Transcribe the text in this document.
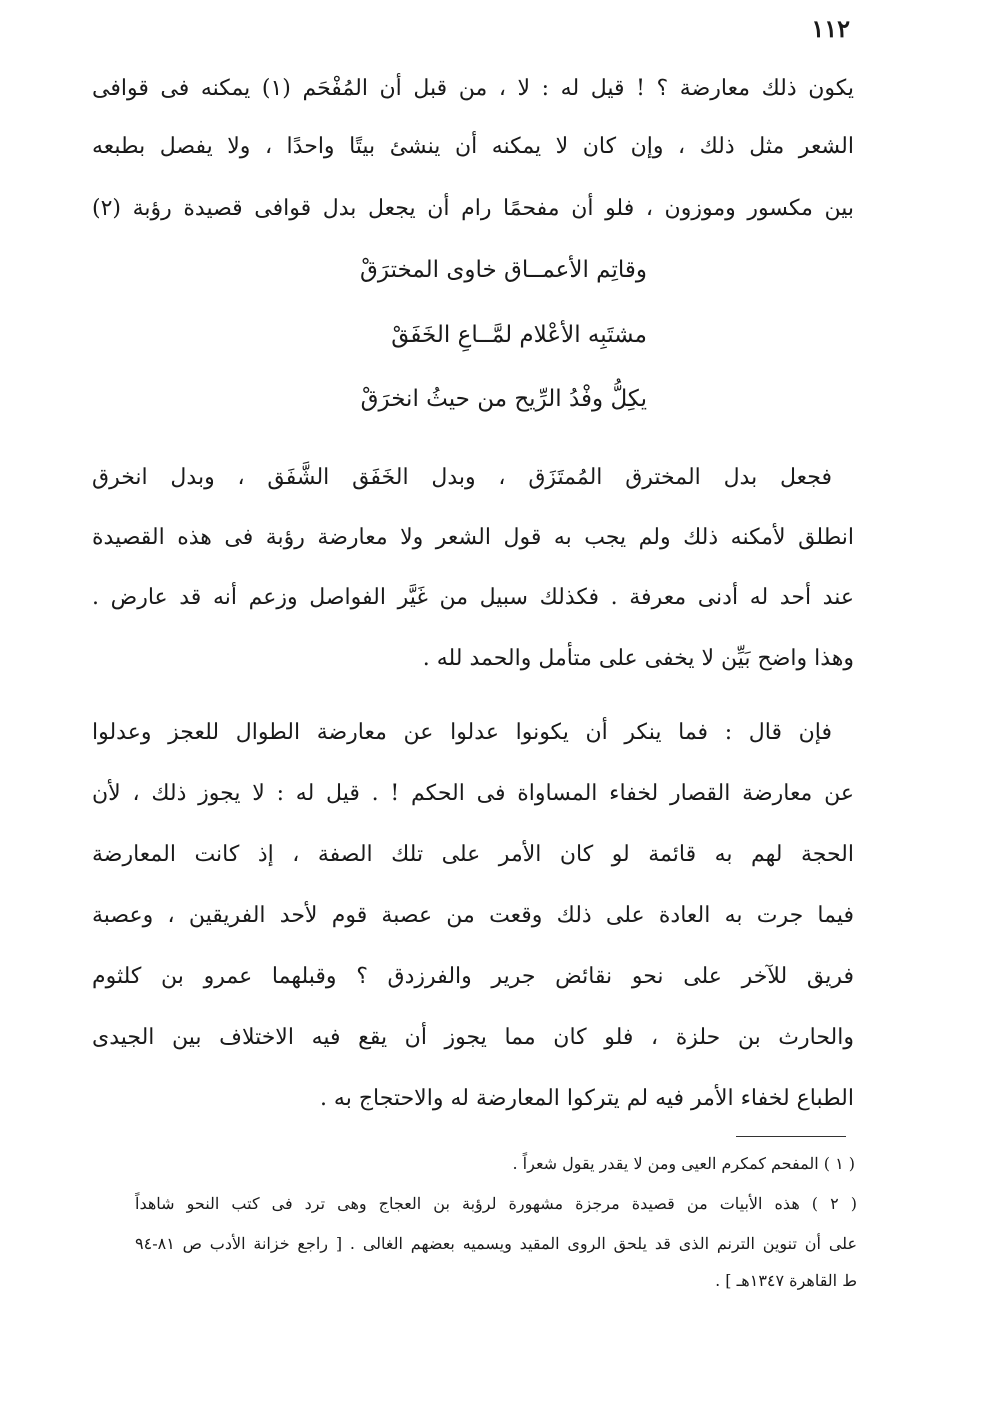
١١٢
يكون ذلك معارضة ؟ ! قيل له : لا ، من قبل أن المُفْحَم (١) يمكنه فى قوافى
الشعر مثل ذلك ، وإن كان لا يمكنه أن ينشئ بيتًا واحدًا ، ولا يفصل بطبعه
بين مكسور وموزون ، فلو أن مفحمًا رام أن يجعل بدل قوافى قصيدة رؤبة (٢)
وقاتِم الأعمــاق خاوى المخترَقْ
مشتَبِه الأعْلام لمَّــاعِ الخَفَقْ
يكِلُّ وفْدُ الرِّيح من حيثُ انخرَقْ
فجعل بدل المخترق المُمتَزَق ، وبدل الخَفَق الشَّفَق ، وبدل انخرق
انطلق لأمكنه ذلك ولم يجب به قول الشعر ولا معارضة رؤبة فى هذه القصيدة
عند أحد له أدنى معرفة . فكذلك سبيل من غَيَّر الفواصل وزعم أنه قد عارض .
وهذا واضح بَيِّن لا يخفى على متأمل والحمد لله .
فإن قال : فما ينكر أن يكونوا عدلوا عن معارضة الطوال للعجز وعدلوا
عن معارضة القصار لخفاء المساواة فى الحكم ! . قيل له : لا يجوز ذلك ، لأن
الحجة لهم به قائمة لو كان الأمر على تلك الصفة ، إذ كانت المعارضة
فيما جرت به العادة على ذلك وقعت من عصبة قوم لأحد الفريقين ، وعصبة
فريق للآخر على نحو نقائض جرير والفرزدق ؟ وقبلهما عمرو بن كلثوم
والحارث بن حلزة ، فلو كان مما يجوز أن يقع فيه الاختلاف بين الجيدى
الطباع لخفاء الأمر فيه لم يتركوا المعارضة له والاحتجاج به .
( ١ ) المفحم كمكرم العيى ومن لا يقدر يقول شعراً .
( ٢ ) هذه الأبيات من قصيدة مرجزة مشهورة لرؤبة بن العجاج وهى ترد فى كتب النحو شاهداً
على أن تنوين الترنم الذى قد يلحق الروى المقيد ويسميه بعضهم الغالى . [ راجع خزانة الأدب ص ٨١-٩٤
ط القاهرة ١٣٤٧هـ ] .
